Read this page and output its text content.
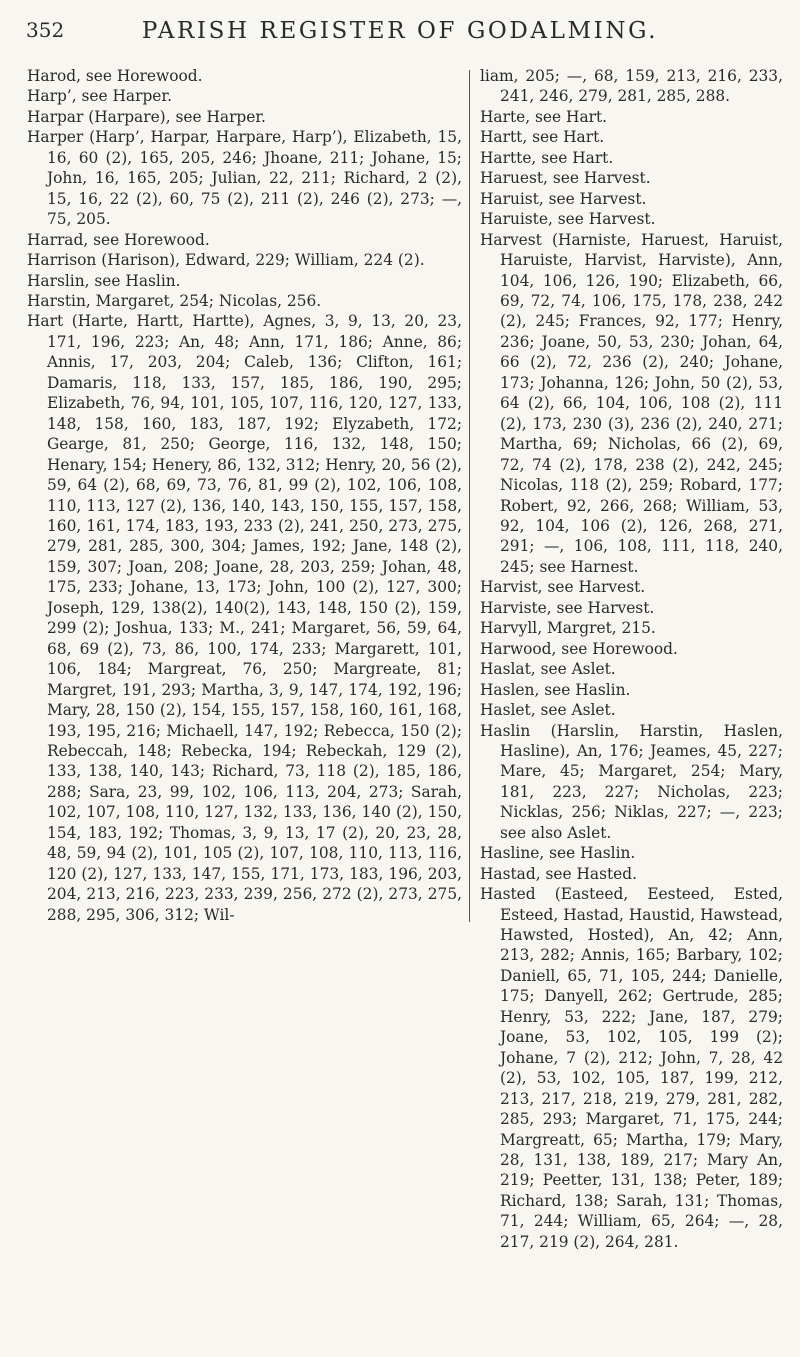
352	PARISH REGISTER OF GODALMING.
Harod, see Horewood.
Harp’, see Harper.
Harpar (Harpare), see Harper.
Harper (Harp’, Harpar, Harpare, Harp’), Elizabeth, 15, 16, 60 (2), 165, 205, 246; Jhoane, 211; Johane, 15; John, 16, 165, 205; Julian, 22, 211; Richard, 2 (2), 15, 16, 22 (2), 60, 75 (2), 211 (2), 246 (2), 273; —, 75, 205.
Harrad, see Horewood.
Harrison (Harison), Edward, 229; William, 224 (2).
Harslin, see Haslin.
Harstin, Margaret, 254; Nicolas, 256.
Hart (Harte, Hartt, Hartte), Agnes, 3, 9, 13, 20, 23, 171, 196, 223; An, 48; Ann, 171, 186; Anne, 86; Annis, 17, 203, 204; Caleb, 136; Clifton, 161; Damaris, 118, 133, 157, 185, 186, 190, 295; Elizabeth, 76, 94, 101, 105, 107, 116, 120, 127, 133, 148, 158, 160, 183, 187, 192; Elyzabeth, 172; Gearge, 81, 250; George, 116, 132, 148, 150; Henary, 154; Henery, 86, 132, 312; Henry, 20, 56 (2), 59, 64 (2), 68, 69, 73, 76, 81, 99 (2), 102, 106, 108, 110, 113, 127 (2), 136, 140, 143, 150, 155, 157, 158, 160, 161, 174, 183, 193, 233 (2), 241, 250, 273, 275, 279, 281, 285, 300, 304; James, 192; Jane, 148 (2), 159, 307; Joan, 208; Joane, 28, 203, 259; Johan, 48, 175, 233; Johane, 13, 173; John, 100 (2), 127, 300; Joseph, 129, 138(2), 140(2), 143, 148, 150 (2), 159, 299 (2); Joshua, 133; M., 241; Margaret, 56, 59, 64, 68, 69 (2), 73, 86, 100, 174, 233; Margarett, 101, 106, 184; Margreat, 76, 250; Margreate, 81; Margret, 191, 293; Martha, 3, 9, 147, 174, 192, 196; Mary, 28, 150 (2), 154, 155, 157, 158, 160, 161, 168, 193, 195, 216; Michaell, 147, 192; Rebecca, 150 (2); Rebeccah, 148; Rebecka, 194; Rebeckah, 129 (2), 133, 138, 140, 143; Richard, 73, 118 (2), 185, 186, 288; Sara, 23, 99, 102, 106, 113, 204, 273; Sarah, 102, 107, 108, 110, 127, 132, 133, 136, 140 (2), 150, 154, 183, 192; Thomas, 3, 9, 13, 17 (2), 20, 23, 28, 48, 59, 94 (2), 101, 105 (2), 107, 108, 110, 113, 116, 120 (2), 127, 133, 147, 155, 171, 173, 183, 196, 203, 204, 213, 216, 223, 233, 239, 256, 272 (2), 273, 275, 288, 295, 306, 312; Wil-
liam, 205; —, 68, 159, 213, 216, 233, 241, 246, 279, 281, 285, 288.
Harte, see Hart.
Hartt, see Hart.
Hartte, see Hart.
Haruest, see Harvest.
Haruist, see Harvest.
Haruiste, see Harvest.
Harvest (Harniste, Haruest, Haruist, Haruiste, Harvist, Harviste), Ann, 104, 106, 126, 190; Elizabeth, 66, 69, 72, 74, 106, 175, 178, 238, 242 (2), 245; Frances, 92, 177; Henry, 236; Joane, 50, 53, 230; Johan, 64, 66 (2), 72, 236 (2), 240; Johane, 173; Johanna, 126; John, 50 (2), 53, 64 (2), 66, 104, 106, 108 (2), 111 (2), 173, 230 (3), 236 (2), 240, 271; Martha, 69; Nicholas, 66 (2), 69, 72, 74 (2), 178, 238 (2), 242, 245; Nicolas, 118 (2), 259; Robard, 177; Robert, 92, 266, 268; William, 53, 92, 104, 106 (2), 126, 268, 271, 291; —, 106, 108, 111, 118, 240, 245; see Harnest.
Harvist, see Harvest.
Harviste, see Harvest.
Harvyll, Margret, 215.
Harwood, see Horewood.
Haslat, see Aslet.
Haslen, see Haslin.
Haslet, see Aslet.
Haslin (Harslin, Harstin, Haslen, Hasline), An, 176; Jeames, 45, 227; Mare, 45; Margaret, 254; Mary, 181, 223, 227; Nicholas, 223; Nicklas, 256; Niklas, 227; —, 223; see also Aslet.
Hasline, see Haslin.
Hastad, see Hasted.
Hasted (Easteed, Eesteed, Ested, Esteed, Hastad, Haustid, Hawstead, Hawsted, Hosted), An, 42; Ann, 213, 282; Annis, 165; Barbary, 102; Daniell, 65, 71, 105, 244; Danielle, 175; Danyell, 262; Gertrude, 285; Henry, 53, 222; Jane, 187, 279; Joane, 53, 102, 105, 199 (2); Johane, 7 (2), 212; John, 7, 28, 42 (2), 53, 102, 105, 187, 199, 212, 213, 217, 218, 219, 279, 281, 282, 285, 293; Margaret, 71, 175, 244; Margreatt, 65; Martha, 179; Mary, 28, 131, 138, 189, 217; Mary An, 219; Peetter, 131, 138; Peter, 189; Richard, 138; Sarah, 131; Thomas, 71, 244; William, 65, 264; —, 28, 217, 219 (2), 264, 281.
